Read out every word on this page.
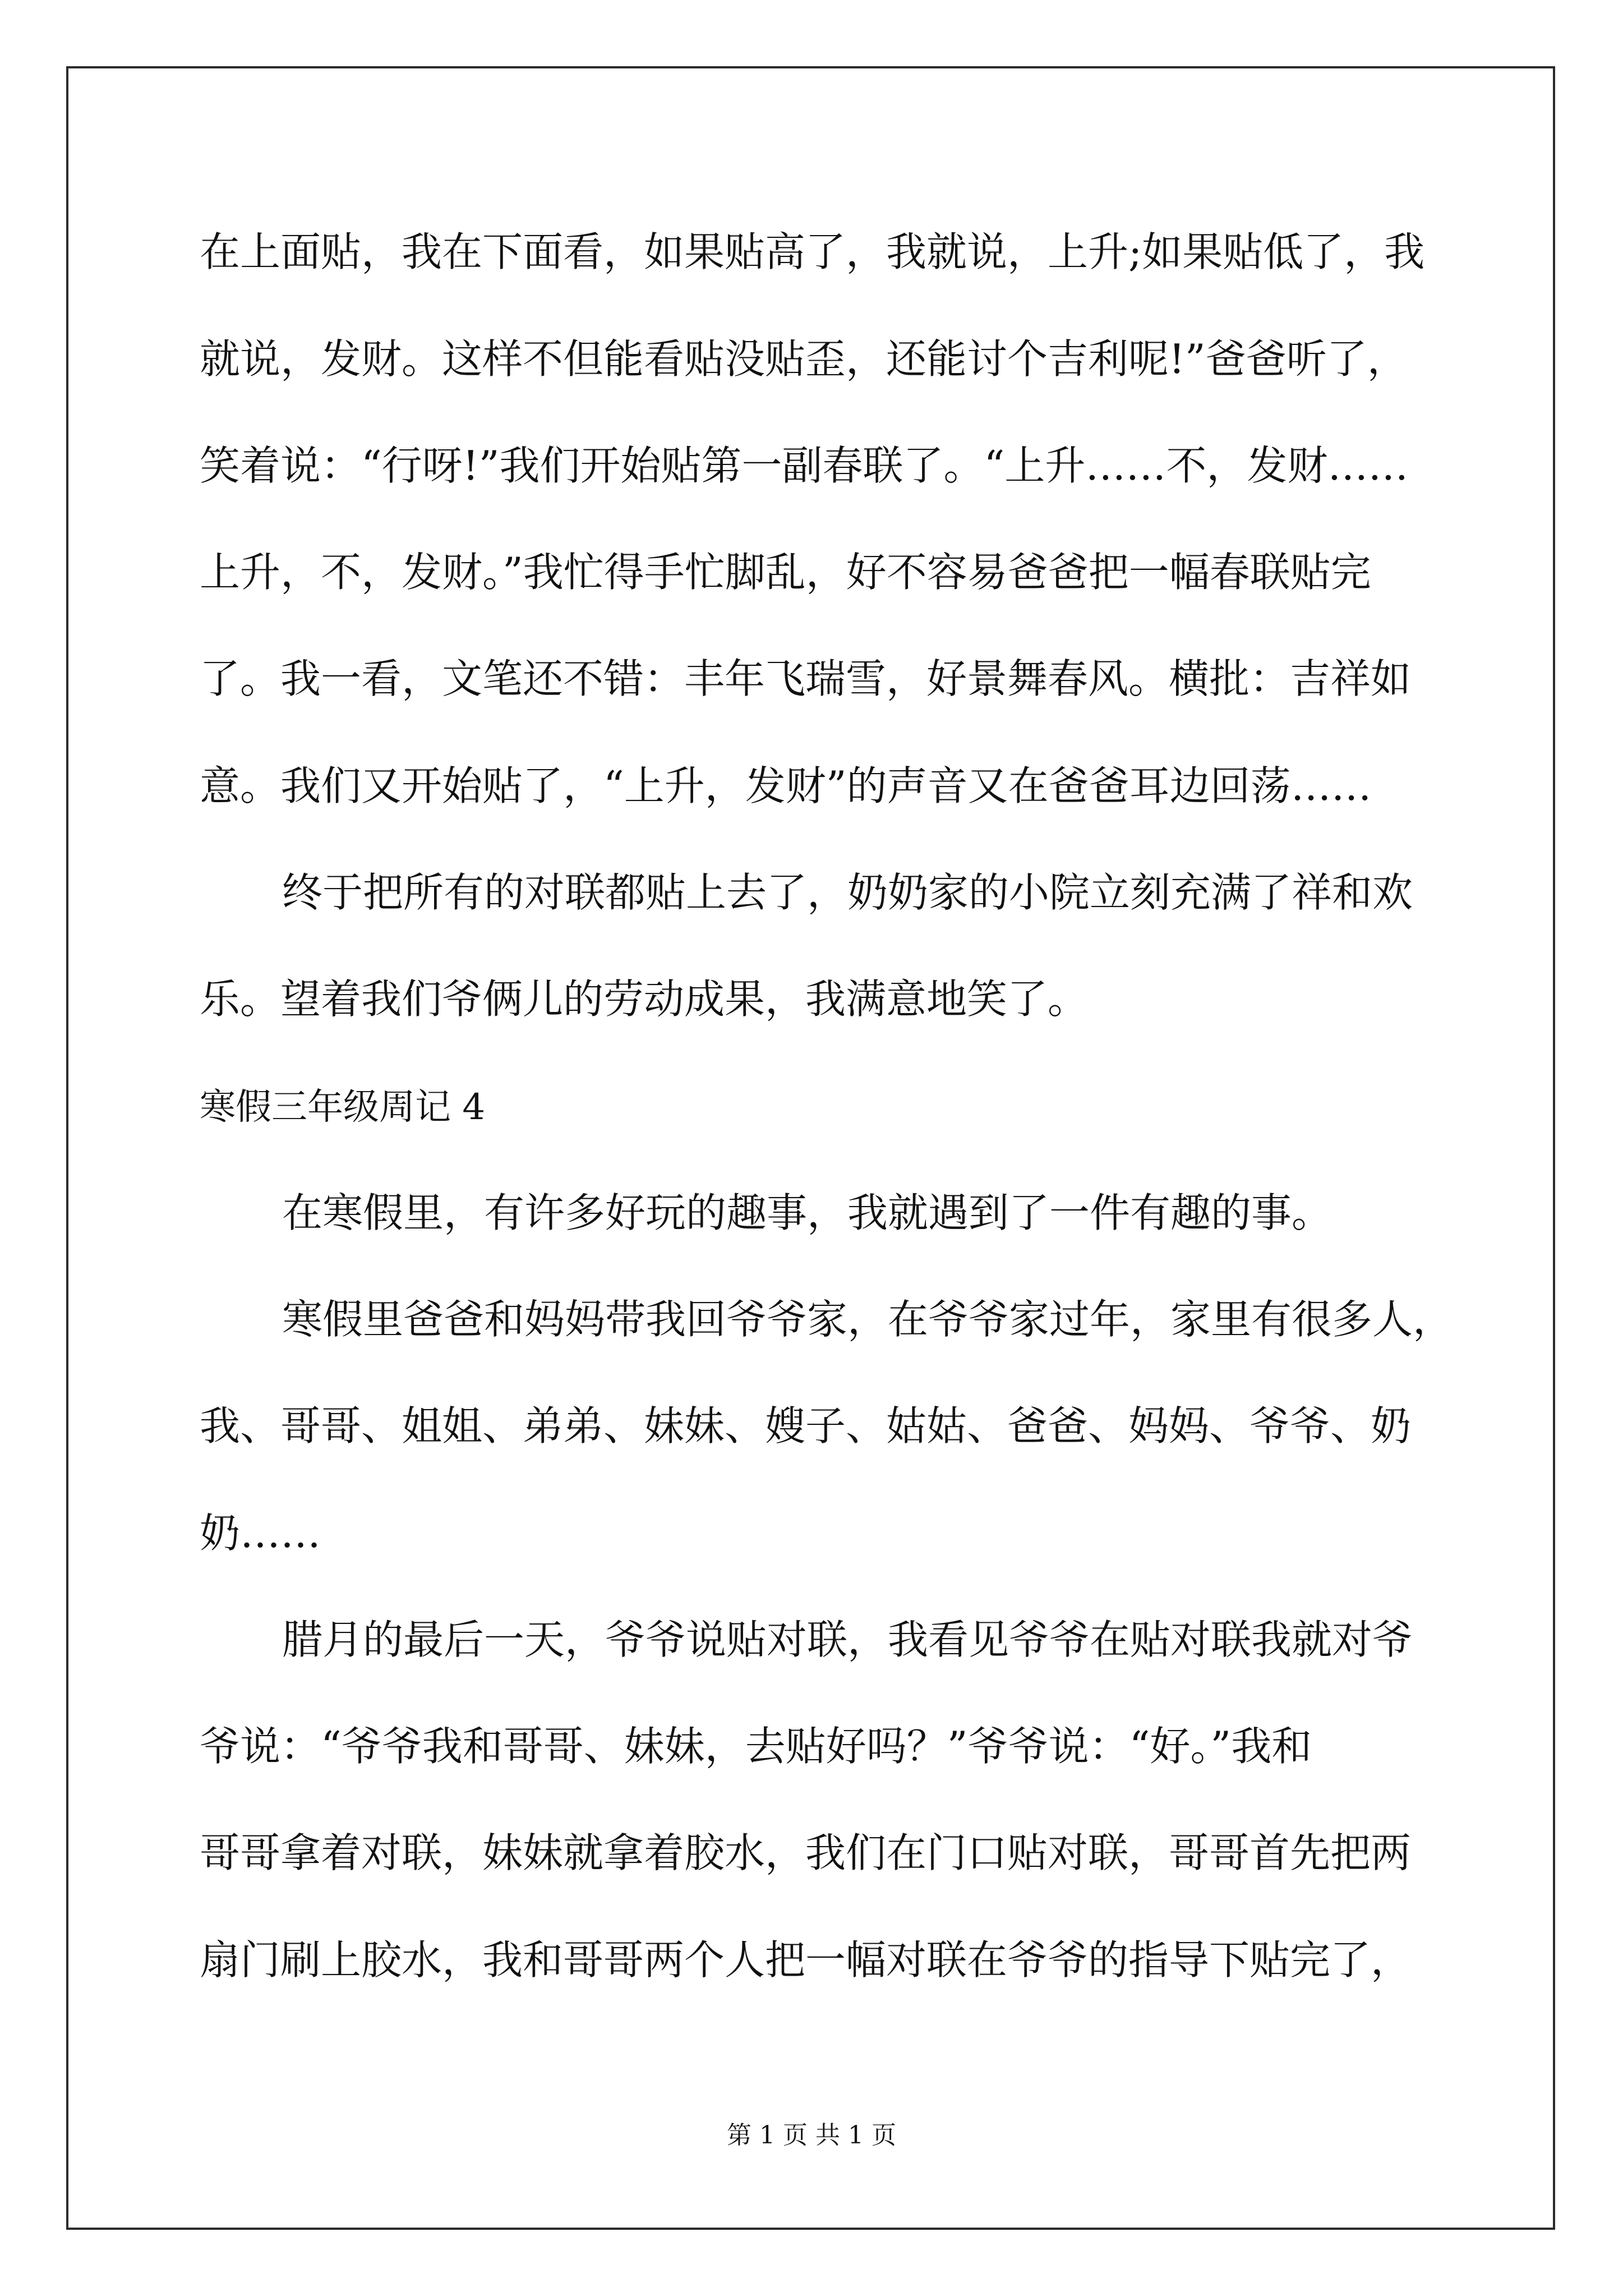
在上面贴，我在下面看，如果贴高了，我就说，上升;如果贴低了，我
就说，发财。这样不但能看贴没贴歪，还能讨个吉利呢!”爸爸听了，
笑着说：“行呀!”我们开始贴第一副春联了。“上升……不，发财……
上升，不，发财。”我忙得手忙脚乱，好不容易爸爸把一幅春联贴完
了。我一看，文笔还不错：丰年飞瑞雪，好景舞春风。横批：吉祥如
意。我们又开始贴了，“上升，发财”的声音又在爸爸耳边回荡……
终于把所有的对联都贴上去了，奶奶家的小院立刻充满了祥和欢
乐。望着我们爷俩儿的劳动成果，我满意地笑了。
寒假三年级周记 4
在寒假里，有许多好玩的趣事，我就遇到了一件有趣的事。
寒假里爸爸和妈妈带我回爷爷家，在爷爷家过年，家里有很多人，
我、哥哥、姐姐、弟弟、妹妹、嫂子、姑姑、爸爸、妈妈、爷爷、奶
奶……
腊月的最后一天，爷爷说贴对联，我看见爷爷在贴对联我就对爷
爷说：“爷爷我和哥哥、妹妹，去贴好吗？”爷爷说：“好。”我和
哥哥拿着对联，妹妹就拿着胶水，我们在门口贴对联，哥哥首先把两
扇门刷上胶水，我和哥哥两个人把一幅对联在爷爷的指导下贴完了，
第 1 页 共 1 页
